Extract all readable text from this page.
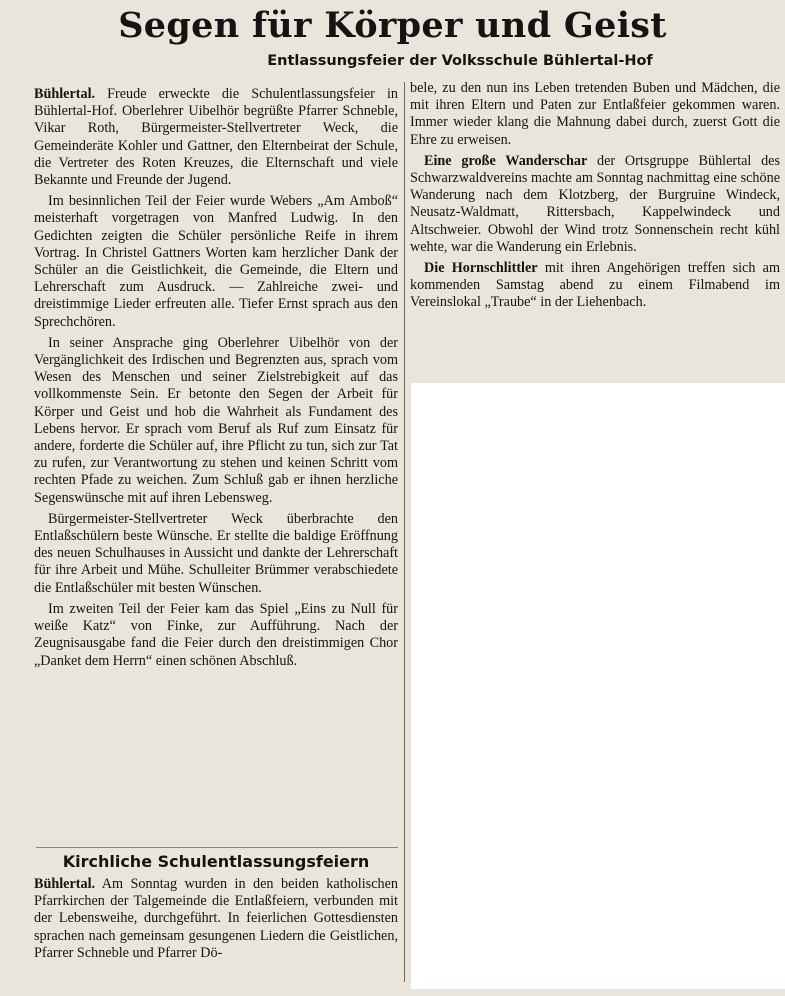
Segen für Körper und Geist
Entlassungsfeier der Volksschule Bühlertal-Hof

Bühlertal. Freude erweckte die Schulentlassungsfeier in Bühlertal-Hof. Oberlehrer Uibelhör begrüßte Pfarrer Schneble, Vikar Roth, Bürgermeister-Stellvertreter Weck, die Gemeinderäte Kohler und Gattner, den Elternbeirat der Schule, die Vertreter des Roten Kreuzes, die Elternschaft und viele Bekannte und Freunde der Jugend.

Im besinnlichen Teil der Feier wurde Webers „Am Amboß“ meisterhaft vorgetragen von Manfred Ludwig. In den Gedichten zeigten die Schüler persönliche Reife in ihrem Vortrag. In Christel Gattners Worten kam herzlicher Dank der Schüler an die Geistlichkeit, die Gemeinde, die Eltern und Lehrerschaft zum Ausdruck. — Zahlreiche zwei- und dreistimmige Lieder erfreuten alle. Tiefer Ernst sprach aus den Sprechchören.

In seiner Ansprache ging Oberlehrer Uibelhör von der Vergänglichkeit des Irdischen und Begrenzten aus, sprach vom Wesen des Menschen und seiner Zielstrebigkeit auf das vollkommenste Sein. Er betonte den Segen der Arbeit für Körper und Geist und hob die Wahrheit als Fundament des Lebens hervor. Er sprach vom Beruf als Ruf zum Einsatz für andere, forderte die Schüler auf, ihre Pflicht zu tun, sich zur Tat zu rufen, zur Verantwortung zu stehen und keinen Schritt vom rechten Pfade zu weichen. Zum Schluß gab er ihnen herzliche Segenswünsche mit auf ihren Lebensweg.

Bürgermeister-Stellvertreter Weck überbrachte den Entlaßschülern beste Wünsche. Er stellte die baldige Eröffnung des neuen Schulhauses in Aussicht und dankte der Lehrerschaft für ihre Arbeit und Mühe. Schulleiter Brümmer verabschiedete die Entlaßschüler mit besten Wünschen.

Im zweiten Teil der Feier kam das Spiel „Eins zu Null für weiße Katz“ von Finke, zur Aufführung. Nach der Zeugnisausgabe fand die Feier durch den dreistimmigen Chor „Danket dem Herrn“ einen schönen Abschluß.

Kirchliche Schulentlassungsfeiern

Bühlertal. Am Sonntag wurden in den beiden katholischen Pfarrkirchen der Talgemeinde die Entlaßfeiern, verbunden mit der Lebensweihe, durchgeführt. In feierlichen Gottesdiensten sprachen nach gemeinsam gesungenen Liedern die Geistlichen, Pfarrer Schneble und Pfarrer Dö-

bele, zu den nun ins Leben tretenden Buben und Mädchen, die mit ihren Eltern und Paten zur Entlaßfeier gekommen waren. Immer wieder klang die Mahnung dabei durch, zuerst Gott die Ehre zu erweisen.

Eine große Wanderschar der Ortsgruppe Bühlertal des Schwarzwaldvereins machte am Sonntag nachmittag eine schöne Wanderung nach dem Klotzberg, der Burgruine Windeck, Neusatz-Waldmatt, Rittersbach, Kappelwindeck und Altschweier. Obwohl der Wind trotz Sonnenschein recht kühl wehte, war die Wanderung ein Erlebnis.

Die Hornschlittler mit ihren Angehörigen treffen sich am kommenden Samstag abend zu einem Filmabend im Vereinslokal „Traube“ in der Liehenbach.
